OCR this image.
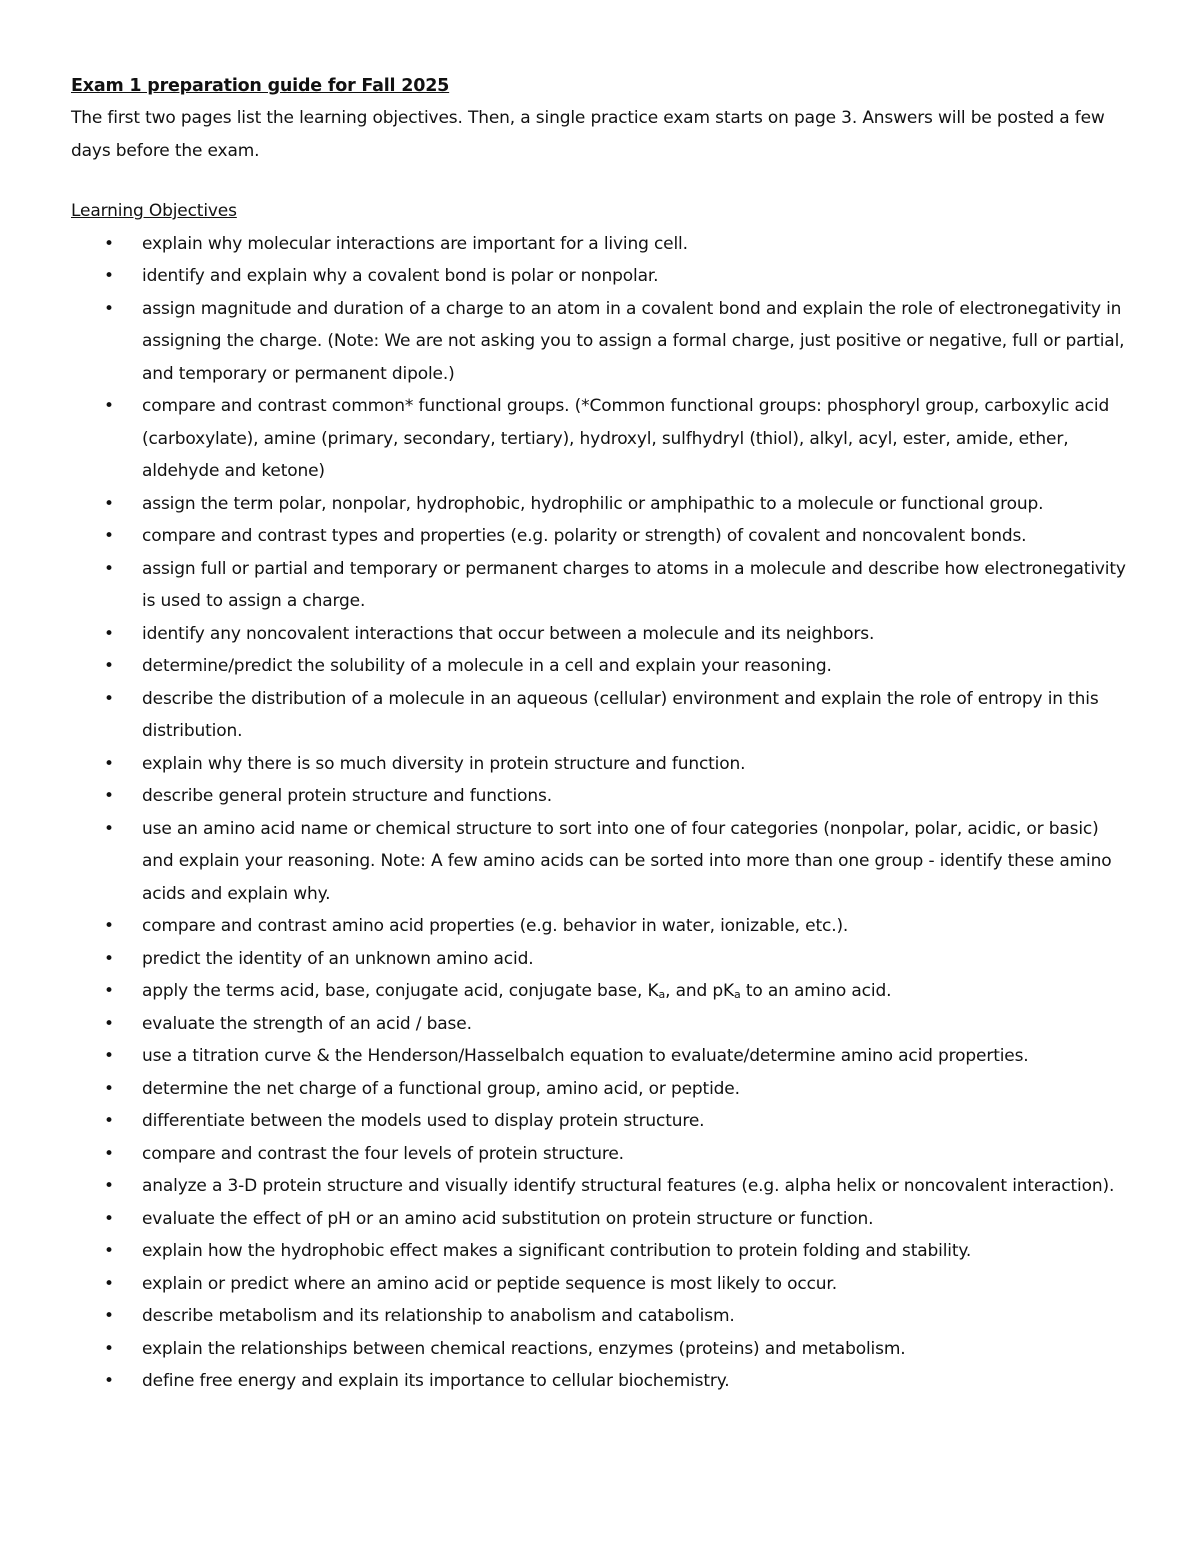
Exam 1 preparation guide for Fall 2025

The first two pages list the learning objectives. Then, a single practice exam starts on page 3. Answers will be posted a few days before the exam.

Learning Objectives

• explain why molecular interactions are important for a living cell.
• identify and explain why a covalent bond is polar or nonpolar.
• assign magnitude and duration of a charge to an atom in a covalent bond and explain the role of electronegativity in assigning the charge. (Note: We are not asking you to assign a formal charge, just positive or negative, full or partial, and temporary or permanent dipole.)
• compare and contrast common* functional groups. (*Common functional groups: phosphoryl group, carboxylic acid (carboxylate), amine (primary, secondary, tertiary), hydroxyl, sulfhydryl (thiol), alkyl, acyl, ester, amide, ether, aldehyde and ketone)
• assign the term polar, nonpolar, hydrophobic, hydrophilic or amphipathic to a molecule or functional group.
• compare and contrast types and properties (e.g. polarity or strength) of covalent and noncovalent bonds.
• assign full or partial and temporary or permanent charges to atoms in a molecule and describe how electronegativity is used to assign a charge.
• identify any noncovalent interactions that occur between a molecule and its neighbors.
• determine/predict the solubility of a molecule in a cell and explain your reasoning.
• describe the distribution of a molecule in an aqueous (cellular) environment and explain the role of entropy in this distribution.
• explain why there is so much diversity in protein structure and function.
• describe general protein structure and functions.
• use an amino acid name or chemical structure to sort into one of four categories (nonpolar, polar, acidic, or basic) and explain your reasoning. Note: A few amino acids can be sorted into more than one group - identify these amino acids and explain why.
• compare and contrast amino acid properties (e.g. behavior in water, ionizable, etc.).
• predict the identity of an unknown amino acid.
• apply the terms acid, base, conjugate acid, conjugate base, $K_a$, and $pK_a$ to an amino acid.
• evaluate the strength of an acid / base.
• use a titration curve & the Henderson/Hasselbalch equation to evaluate/determine amino acid properties.
• determine the net charge of a functional group, amino acid, or peptide.
• differentiate between the models used to display protein structure.
• compare and contrast the four levels of protein structure.
• analyze a 3-D protein structure and visually identify structural features (e.g. alpha helix or noncovalent interaction).
• evaluate the effect of pH or an amino acid substitution on protein structure or function.
• explain how the hydrophobic effect makes a significant contribution to protein folding and stability.
• explain or predict where an amino acid or peptide sequence is most likely to occur.
• describe metabolism and its relationship to anabolism and catabolism.
• explain the relationships between chemical reactions, enzymes (proteins) and metabolism.
• define free energy and explain its importance to cellular biochemistry.
